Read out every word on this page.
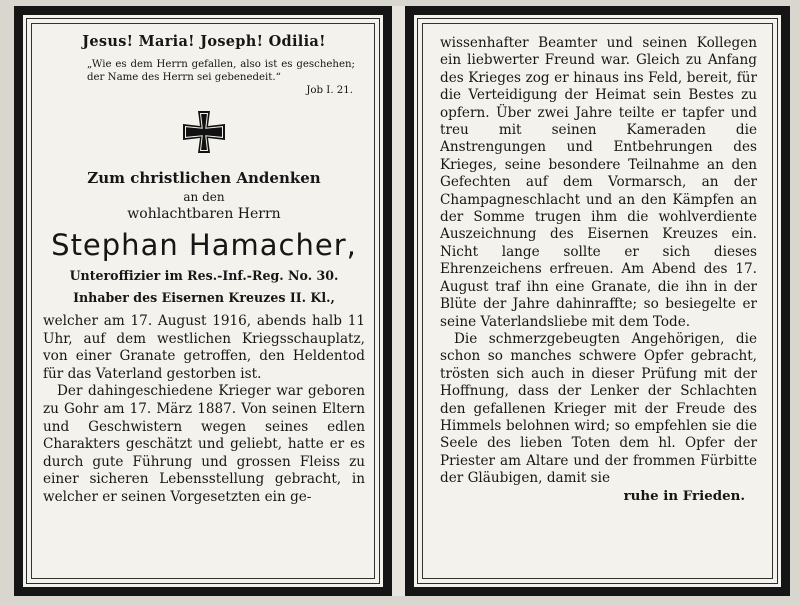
Jesus! Maria! Joseph! Odilia!
„Wie es dem Herrn gefallen, also ist es geschehen; der Name des Herrn sei gebenedeit.“
Job I. 21.
Zum christlichen Andenken
an den
wohlachtbaren Herrn
Stephan Hamacher,
Unteroffizier im Res.-Inf.-Reg. No. 30.
Inhaber des Eisernen Kreuzes II. Kl.,

welcher am 17. August 1916, abends halb 11 Uhr, auf dem westlichen Kriegsschauplatz, von einer Granate getroffen, den Heldentod für das Vaterland gestorben ist.

Der dahingeschiedene Krieger war geboren zu Gohr am 17. März 1887. Von seinen Eltern und Geschwistern wegen seines edlen Charakters geschätzt und geliebt, hatte er es durch gute Führung und grossen Fleiss zu einer sicheren Lebensstellung gebracht, in welcher er seinen Vorgesetzten ein ge-

wissenhafter Beamter und seinen Kollegen ein liebwerter Freund war. Gleich zu Anfang des Krieges zog er hinaus ins Feld, bereit, für die Verteidigung der Heimat sein Bestes zu opfern. Über zwei Jahre teilte er tapfer und treu mit seinen Kameraden die Anstrengungen und Entbehrungen des Krieges, seine besondere Teilnahme an den Gefechten auf dem Vormarsch, an der Champagneschlacht und an den Kämpfen an der Somme trugen ihm die wohlverdiente Auszeichnung des Eisernen Kreuzes ein. Nicht lange sollte er sich dieses Ehrenzeichens erfreuen. Am Abend des 17. August traf ihn eine Granate, die ihn in der Blüte der Jahre dahinraffte; so besiegelte er seine Vaterlandsliebe mit dem Tode.

Die schmerzgebeugten Angehörigen, die schon so manches schwere Opfer gebracht, trösten sich auch in dieser Prüfung mit der Hoffnung, dass der Lenker der Schlachten den gefallenen Krieger mit der Freude des Himmels belohnen wird; so empfehlen sie die Seele des lieben Toten dem hl. Opfer der Priester am Altare und der frommen Fürbitte der Gläubigen, damit sie

ruhe in Frieden.
